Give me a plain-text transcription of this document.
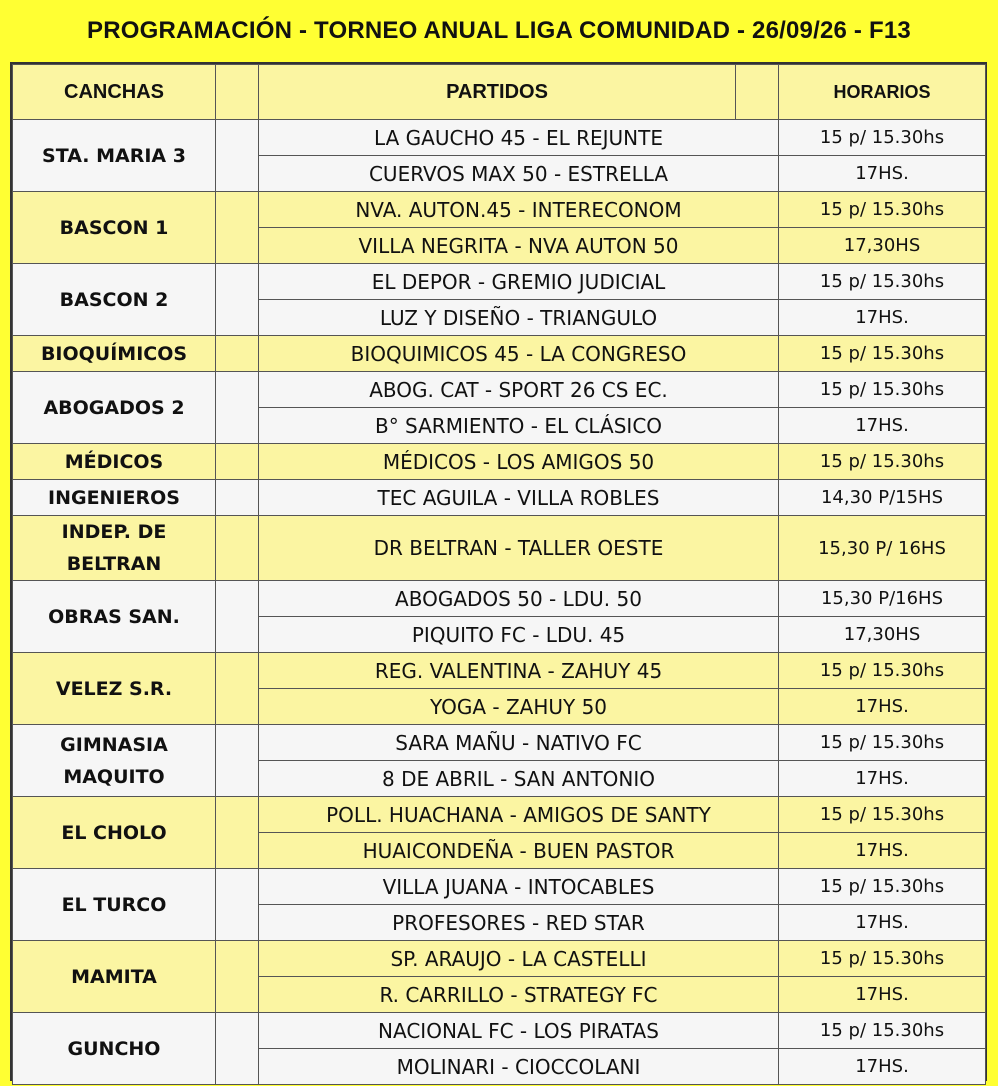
PROGRAMACIÓN - TORNEO ANUAL LIGA COMUNIDAD - 26/09/26 - F13
CANCHAS		PARTIDOS		HORARIOS
STA. MARIA 3		LA GAUCHO 45 - EL REJUNTE		15 p/ 15.30hs
		CUERVOS MAX 50 - ESTRELLA		17HS.
BASCON 1		NVA. AUTON.45 - INTERECONOM		15 p/ 15.30hs
		VILLA NEGRITA - NVA AUTON 50		17,30HS
BASCON 2		EL DEPOR - GREMIO JUDICIAL		15 p/ 15.30hs
		LUZ Y DISEÑO - TRIANGULO		17HS.
BIOQUÍMICOS		BIOQUIMICOS 45 - LA CONGRESO		15 p/ 15.30hs
ABOGADOS 2		ABOG. CAT - SPORT 26 CS EC.		15 p/ 15.30hs
		B° SARMIENTO - EL CLÁSICO		17HS.
MÉDICOS		MÉDICOS - LOS AMIGOS 50		15 p/ 15.30hs
INGENIEROS		TEC AGUILA - VILLA ROBLES		14,30 P/15HS
INDEP. DE BELTRAN		DR BELTRAN - TALLER OESTE		15,30 P/ 16HS
OBRAS SAN.		ABOGADOS 50 - LDU. 50		15,30 P/16HS
		PIQUITO FC - LDU. 45		17,30HS
VELEZ S.R.		REG. VALENTINA - ZAHUY 45		15 p/ 15.30hs
		YOGA - ZAHUY 50		17HS.
GIMNASIA MAQUITO		SARA MAÑU - NATIVO FC		15 p/ 15.30hs
		8 DE ABRIL - SAN ANTONIO		17HS.
EL CHOLO		POLL. HUACHANA - AMIGOS DE SANTY		15 p/ 15.30hs
		HUAICONDEÑA - BUEN PASTOR		17HS.
EL TURCO		VILLA JUANA - INTOCABLES		15 p/ 15.30hs
		PROFESORES - RED STAR		17HS.
MAMITA		SP. ARAUJO - LA CASTELLI		15 p/ 15.30hs
		R. CARRILLO - STRATEGY FC		17HS.
GUNCHO		NACIONAL FC - LOS PIRATAS		15 p/ 15.30hs
		MOLINARI - CIOCCOLANI		17HS.
